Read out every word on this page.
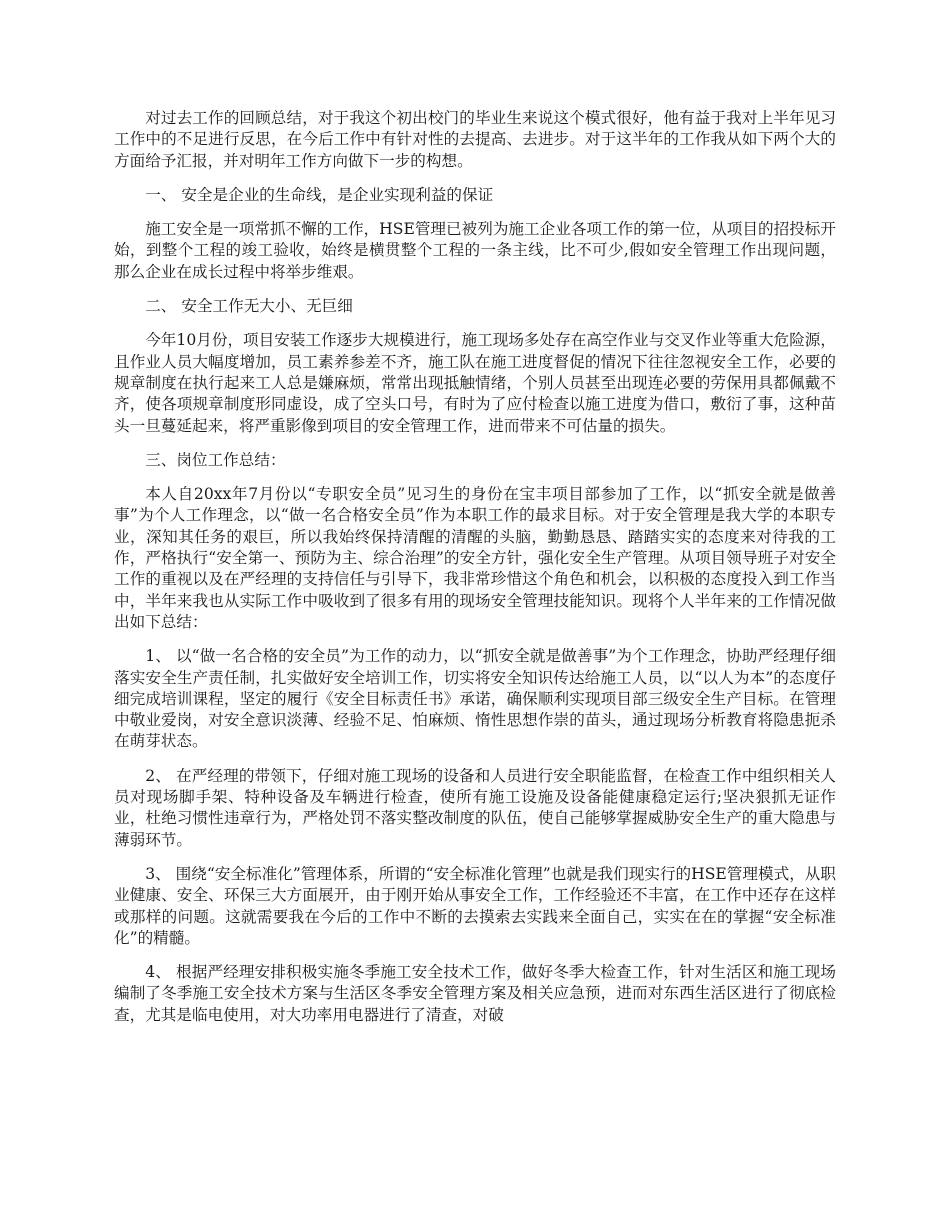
对过去工作的回顾总结，对于我这个初出校门的毕业生来说这个模式很好，他有益于我对上半年见习工作中的不足进行反思，在今后工作中有针对性的去提高、去进步。对于这半年的工作我从如下两个大的方面给予汇报，并对明年工作方向做下一步的构想。

一、 安全是企业的生命线，是企业实现利益的保证

施工安全是一项常抓不懈的工作，HSE管理已被列为施工企业各项工作的第一位，从项目的招投标开始，到整个工程的竣工验收，始终是横贯整个工程的一条主线，比不可少,假如安全管理工作出现问题，那么企业在成长过程中将举步维艰。

二、 安全工作无大小、无巨细

今年10月份，项目安装工作逐步大规模进行，施工现场多处存在高空作业与交叉作业等重大危险源，且作业人员大幅度增加，员工素养参差不齐，施工队在施工进度督促的情况下往往忽视安全工作，必要的规章制度在执行起来工人总是嫌麻烦，常常出现抵触情绪，个别人员甚至出现连必要的劳保用具都佩戴不齐，使各项规章制度形同虚设，成了空头口号，有时为了应付检查以施工进度为借口，敷衍了事，这种苗头一旦蔓延起来，将严重影像到项目的安全管理工作，进而带来不可估量的损失。

三、岗位工作总结：

本人自20xx年7月份以“专职安全员”见习生的身份在宝丰项目部参加了工作，以“抓安全就是做善事”为个人工作理念，以“做一名合格安全员”作为本职工作的最求目标。对于安全管理是我大学的本职专业，深知其任务的艰巨，所以我始终保持清醒的清醒的头脑，勤勤恳恳、踏踏实实的态度来对待我的工作，严格执行“安全第一、预防为主、综合治理”的安全方针，强化安全生产管理。从项目领导班子对安全工作的重视以及在严经理的支持信任与引导下，我非常珍惜这个角色和机会，以积极的态度投入到工作当中，半年来我也从实际工作中吸收到了很多有用的现场安全管理技能知识。现将个人半年来的工作情况做出如下总结：

1、 以“做一名合格的安全员”为工作的动力，以“抓安全就是做善事”为个工作理念，协助严经理仔细落实安全生产责任制，扎实做好安全培训工作，切实将安全知识传达给施工人员，以“以人为本”的态度仔细完成培训课程，坚定的履行《安全目标责任书》承诺，确保顺利实现项目部三级安全生产目标。在管理中敬业爱岗，对安全意识淡薄、经验不足、怕麻烦、惰性思想作崇的苗头，通过现场分析教育将隐患扼杀在萌芽状态。

2、 在严经理的带领下，仔细对施工现场的设备和人员进行安全职能监督，在检查工作中组织相关人员对现场脚手架、特种设备及车辆进行检查，使所有施工设施及设备能健康稳定运行;坚决狠抓无证作业，杜绝习惯性违章行为，严格处罚不落实整改制度的队伍，使自己能够掌握威胁安全生产的重大隐患与薄弱环节。

3、 围绕“安全标准化”管理体系，所谓的“安全标准化管理”也就是我们现实行的HSE管理模式，从职业健康、安全、环保三大方面展开，由于刚开始从事安全工作，工作经验还不丰富，在工作中还存在这样或那样的问题。这就需要我在今后的工作中不断的去摸索去实践来全面自己，实实在在的掌握“安全标准化”的精髓。

4、 根据严经理安排积极实施冬季施工安全技术工作，做好冬季大检查工作，针对生活区和施工现场编制了冬季施工安全技术方案与生活区冬季安全管理方案及相关应急预，进而对东西生活区进行了彻底检查，尤其是临电使用，对大功率用电器进行了清查，对破
